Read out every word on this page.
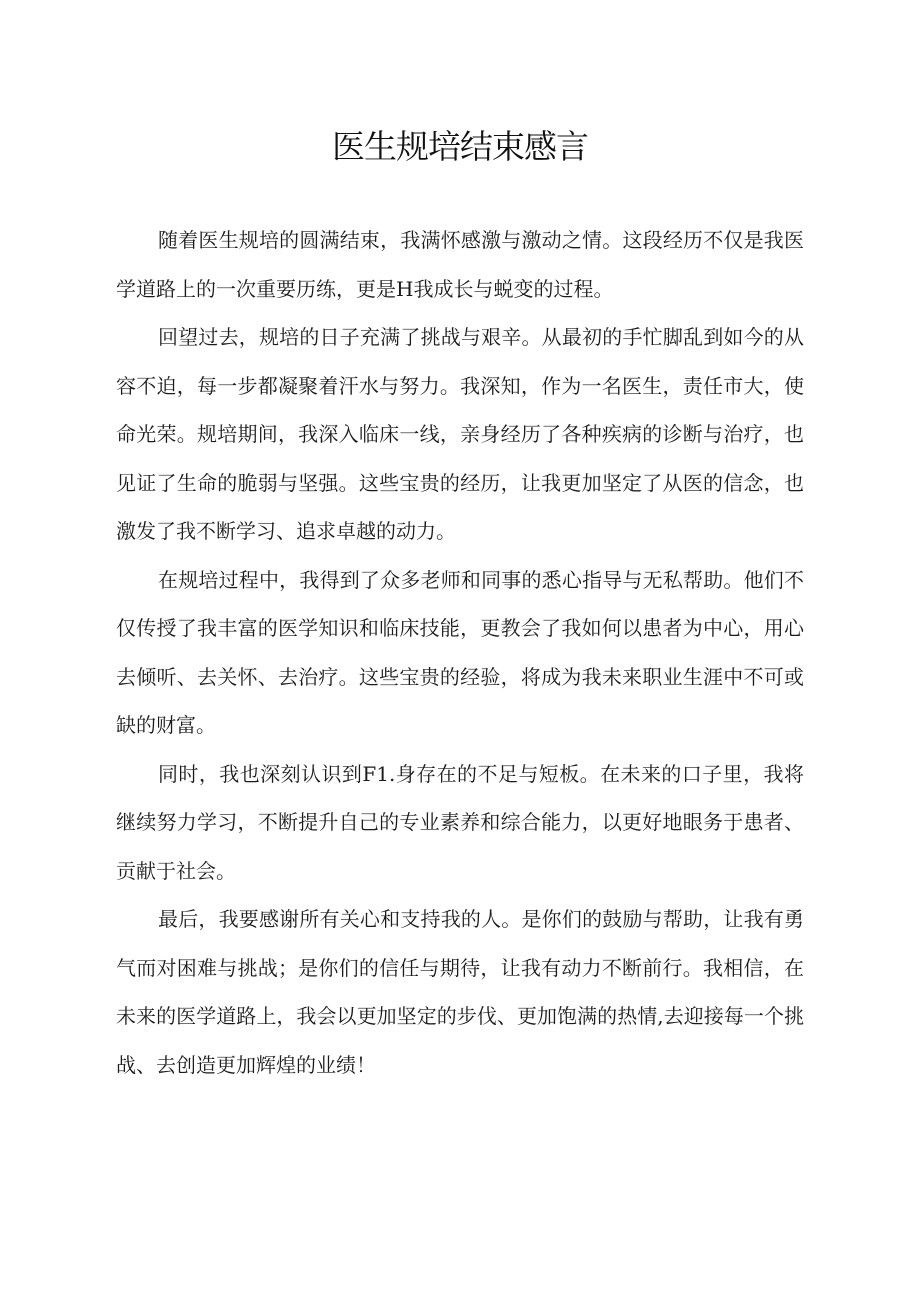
医生规培结束感言

随着医生规培的圆满结束，我满怀感激与激动之情。这段经历不仅是我医学道路上的一次重要历练，更是H我成长与蜕变的过程。

回望过去，规培的日子充满了挑战与艰辛。从最初的手忙脚乱到如今的从容不迫，每一步都凝聚着汗水与努力。我深知，作为一名医生，责任市大，使命光荣。规培期间，我深入临床一线，亲身经历了各种疾病的诊断与治疗，也见证了生命的脆弱与坚强。这些宝贵的经历，让我更加坚定了从医的信念，也激发了我不断学习、追求卓越的动力。

在规培过程中，我得到了众多老师和同事的悉心指导与无私帮助。他们不仅传授了我丰富的医学知识和临床技能，更教会了我如何以患者为中心，用心去倾听、去关怀、去治疗。这些宝贵的经验，将成为我未来职业生涯中不可或缺的财富。

同时，我也深刻认识到F1.身存在的不足与短板。在未来的口子里，我将继续努力学习，不断提升自己的专业素养和综合能力，以更好地眼务于患者、贡献于社会。

最后，我要感谢所有关心和支持我的人。是你们的鼓励与帮助，让我有勇气而对困难与挑战；是你们的信任与期待，让我有动力不断前行。我相信，在未来的医学道路上，我会以更加坚定的步伐、更加饱满的热情,去迎接每一个挑战、去创造更加辉煌的业绩！
